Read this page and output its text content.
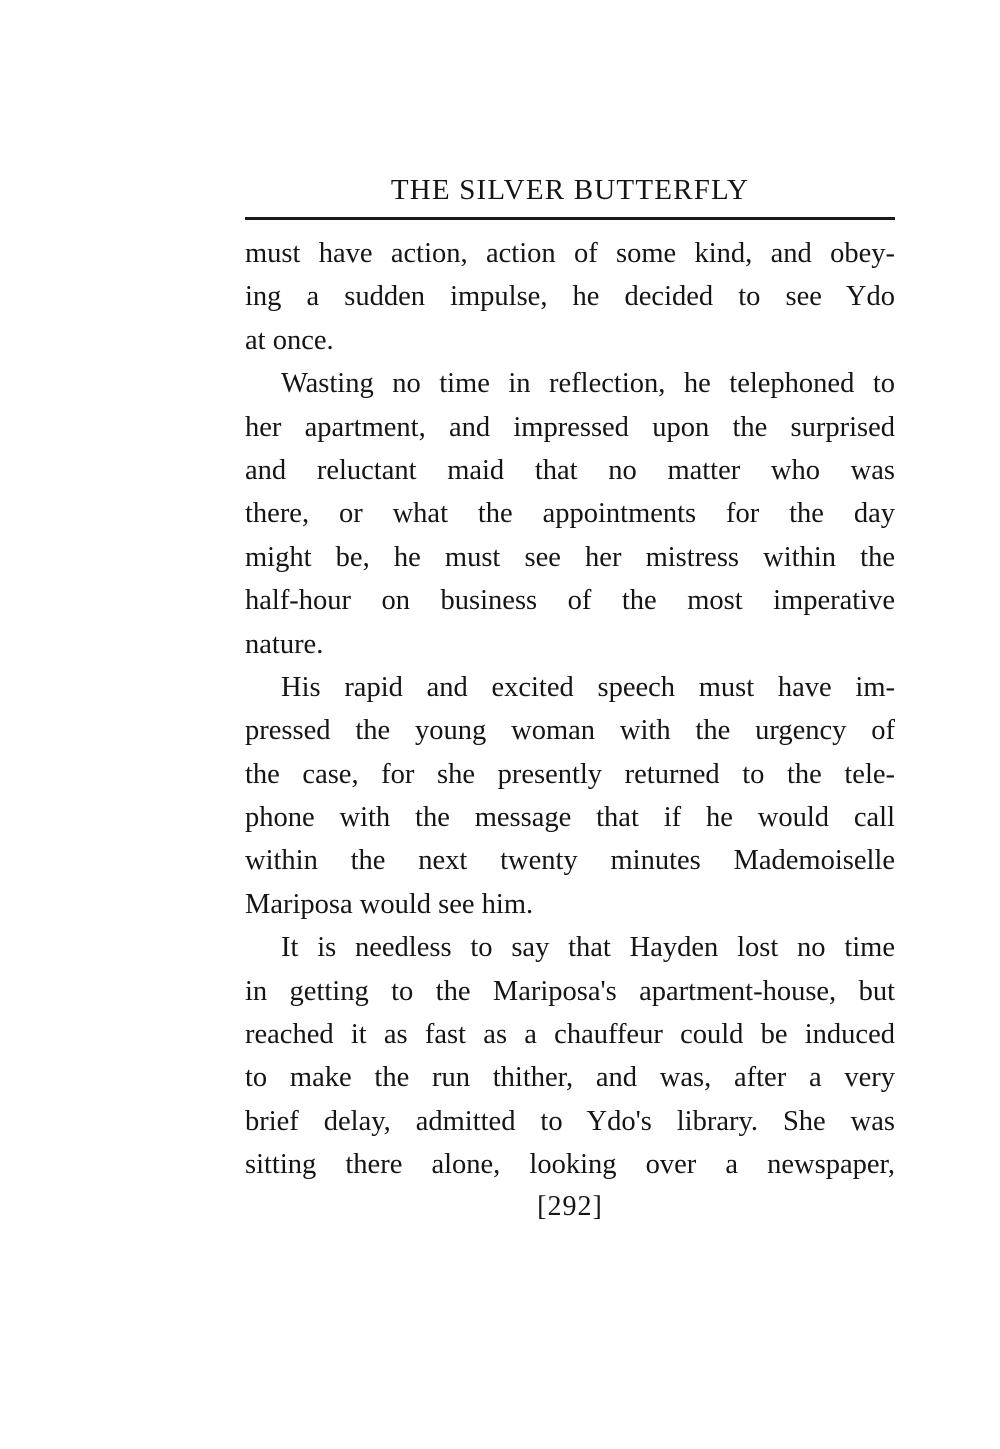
THE SILVER BUTTERFLY
must have action, action of some kind, and obey-
ing a sudden impulse, he decided to see Ydo
at once.
Wasting no time in reflection, he telephoned to
her apartment, and impressed upon the surprised
and reluctant maid that no matter who was
there, or what the appointments for the day
might be, he must see her mistress within the
half-hour on business of the most imperative
nature.
His rapid and excited speech must have im-
pressed the young woman with the urgency of
the case, for she presently returned to the tele-
phone with the message that if he would call
within the next twenty minutes Mademoiselle
Mariposa would see him.
It is needless to say that Hayden lost no time
in getting to the Mariposa's apartment-house, but
reached it as fast as a chauffeur could be induced
to make the run thither, and was, after a very
brief delay, admitted to Ydo's library. She was
sitting there alone, looking over a newspaper,
[292]
